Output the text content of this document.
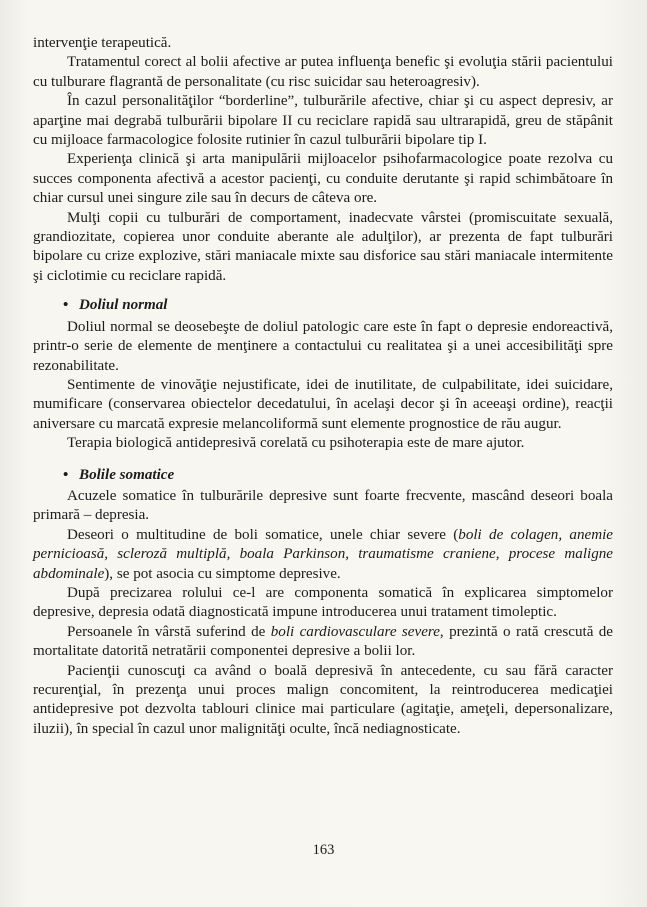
intervenţie terapeutică.

Tratamentul corect al bolii afective ar putea influenţa benefic şi evoluţia stării pacientului cu tulburare flagrantă de personalitate (cu risc suicidar sau heteroagresiv).

În cazul personalităţilor “borderline”, tulburările afective, chiar şi cu aspect depresiv, ar aparţine mai degrabă tulburării bipolare II cu reciclare rapidă sau ultrarapidă, greu de stăpânit cu mijloace farmacologice folosite rutinier în cazul tulburării bipolare tip I.

Experienţa clinică şi arta manipulării mijloacelor psihofarmacologice poate rezolva cu succes componenta afectivă a acestor pacienţi, cu conduite derutante şi rapid schimbătoare în chiar cursul unei singure zile sau în decurs de câteva ore.

Mulţi copii cu tulburări de comportament, inadecvate vârstei (promiscuitate sexuală, grandiozitate, copierea unor conduite aberante ale adulţilor), ar prezenta de fapt tulburări bipolare cu crize explozive, stări maniacale mixte sau disforice sau stări maniacale intermitente şi ciclotimie cu reciclare rapidă.

• Doliul normal

Doliul normal se deosebeşte de doliul patologic care este în fapt o depresie endoreactivă, printr-o serie de elemente de menţinere a contactului cu realitatea şi a unei accesibilităţi spre rezonabilitate.

Sentimente de vinovăţie nejustificate, idei de inutilitate, de culpabilitate, idei suicidare, mumificare (conservarea obiectelor decedatului, în acelaşi decor şi în aceeaşi ordine), reacţii aniversare cu marcată expresie melancoliformă sunt elemente prognostice de rău augur.

Terapia biologică antidepresivă corelată cu psihoterapia este de mare ajutor.

• Bolile somatice

Acuzele somatice în tulburările depresive sunt foarte frecvente, mascând deseori boala primară – depresia.

Deseori o multitudine de boli somatice, unele chiar severe (boli de colagen, anemie pernicioasă, scleroză multiplă, boala Parkinson, traumatisme craniene, procese maligne abdominale), se pot asocia cu simptome depresive.

După precizarea rolului ce-l are componenta somatică în explicarea simptomelor depresive, depresia odată diagnosticată impune introducerea unui tratament timoleptic.

Persoanele în vârstă suferind de boli cardiovasculare severe, prezintă o rată crescută de mortalitate datorită netratării componentei depresive a bolii lor.

Pacienţii cunoscuţi ca având o boală depresivă în antecedente, cu sau fără caracter recurenţial, în prezenţa unui proces malign concomitent, la reintroducerea medicaţiei antidepresive pot dezvolta tablouri clinice mai particulare (agitaţie, ameţeli, depersonalizare, iluzii), în special în cazul unor malignităţi oculte, încă nediagnosticate.

163
